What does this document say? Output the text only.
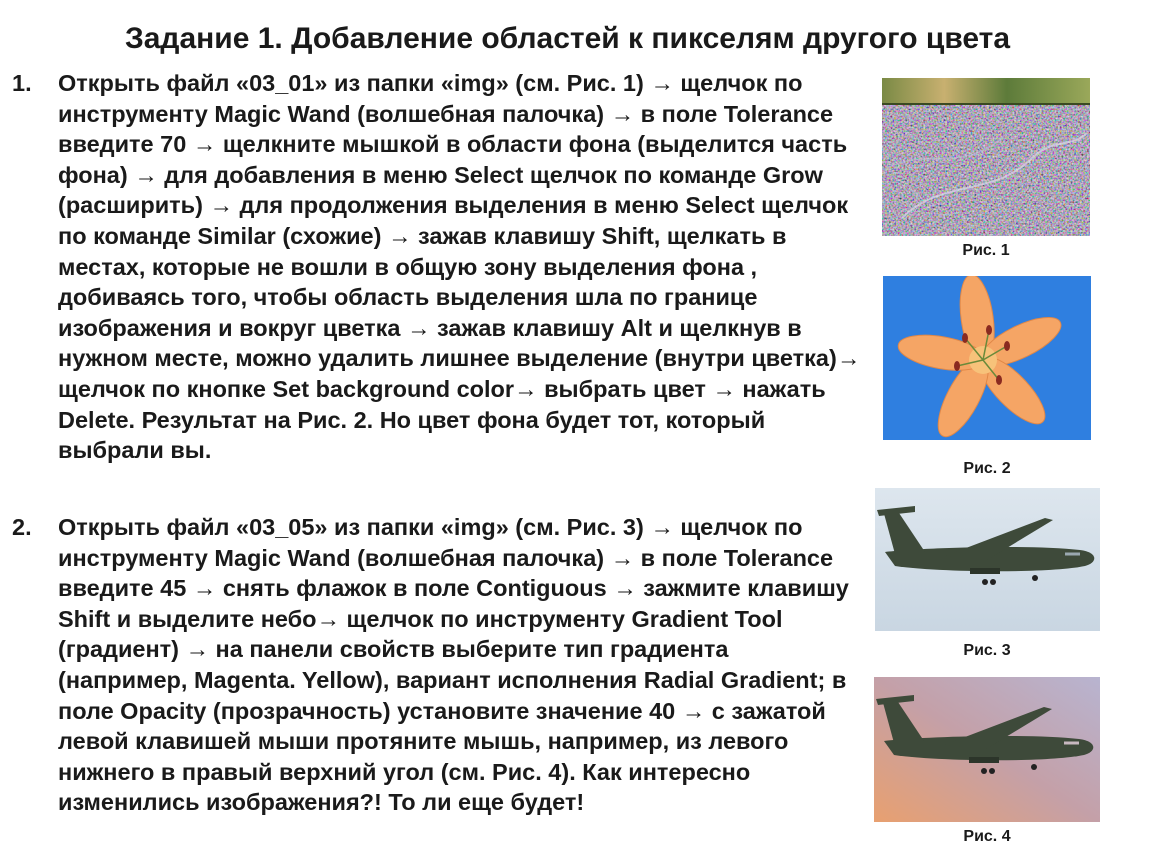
Задание 1. Добавление областей к пикселям другого цвета
1.	Открыть файл «03_01» из папки «img» (см. Рис. 1) → щелчок по инструменту Magic Wand (волшебная палочка) → в поле Tolerance введите 70 → щелкните мышкой в области фона (выделится часть фона) → для добавления в меню Select щелчок по команде Grow (расширить) → для продолжения выделения в меню Select щелчок по команде Similar (схожие) → зажав клавишу Shift, щелкать в местах, которые не вошли в общую зону выделения фона , добиваясь того, чтобы область выделения шла по границе изображения и вокруг цветка → зажав клавишу Alt и щелкнув в нужном месте, можно удалить лишнее выделение (внутри цветка)→ щелчок по кнопке Set background color→ выбрать цвет → нажать Delete. Результат на Рис. 2. Но цвет фона будет тот, который выбрали вы.
2.	Открыть файл «03_05» из папки «img» (см. Рис. 3) → щелчок по инструменту Magic Wand (волшебная палочка) → в поле Tolerance введите 45 → снять флажок в поле Contiguous → зажмите клавишу Shift и выделите небо→ щелчок по инструменту Gradient Tool (градиент) → на панели свойств выберите тип градиента (например, Magenta. Yellow), вариант исполнения Radial Gradient; в поле Opacity (прозрачность) установите значение 40 → с зажатой левой клавишей мыши протяните мышь, например, из левого нижнего в правый верхний угол (см. Рис. 4). Как интересно изменились изображения?! То ли еще будет!
Рис. 1
Рис. 2
Рис. 3
Рис. 4
